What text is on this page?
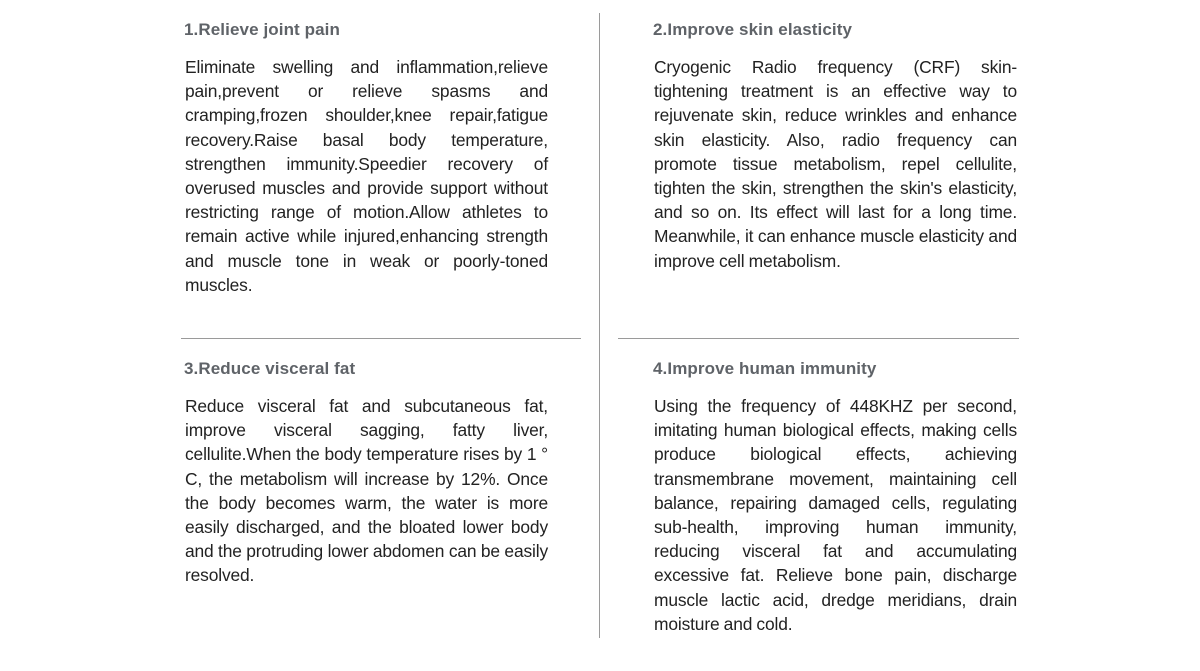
1.Relieve joint pain

Eliminate swelling and inflammation,relieve pain,prevent or relieve spasms and cramping,frozen shoulder,knee repair,fatigue recovery.Raise basal body temperature, strengthen immunity.Speedier recovery of overused muscles and provide support without restricting range of motion.Allow athletes to remain active while injured,enhancing strength and muscle tone in weak or poorly-toned muscles.

2.Improve skin elasticity

Cryogenic Radio frequency (CRF) skin-tightening treatment is an effective way to rejuvenate skin, reduce wrinkles and enhance skin elasticity. Also, radio frequency can promote tissue metabolism, repel cellulite, tighten the skin, strengthen the skin's elasticity, and so on. Its effect will last for a long time. Meanwhile, it can enhance muscle elasticity and improve cell metabolism.

3.Reduce visceral fat

Reduce visceral fat and subcutaneous fat, improve visceral sagging, fatty liver, cellulite.When the body temperature rises by 1 ° C, the metabolism will increase by 12%. Once the body becomes warm, the water is more easily discharged, and the bloated lower body and the protruding lower abdomen can be easily resolved.

4.Improve human immunity

Using the frequency of 448KHZ per second, imitating human biological effects, making cells produce biological effects, achieving transmembrane movement, maintaining cell balance, repairing damaged cells, regulating sub-health, improving human immunity, reducing visceral fat and accumulating excessive fat. Relieve bone pain, discharge muscle lactic acid, dredge meridians, drain moisture and cold.
